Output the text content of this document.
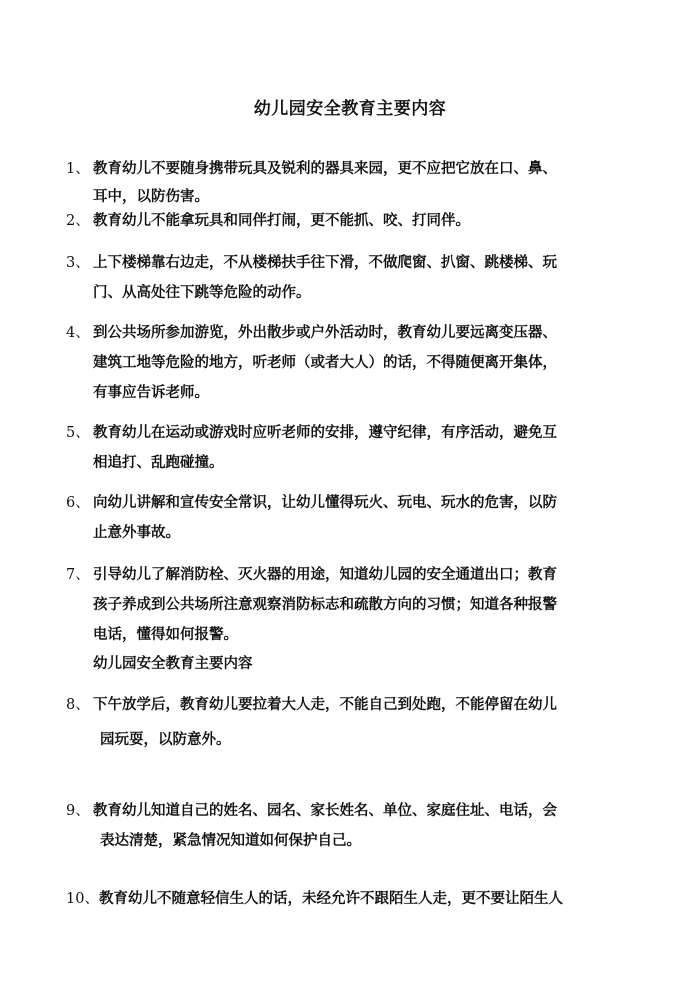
幼儿园安全教育主要内容
1、 教育幼儿不要随身携带玩具及锐利的器具来园，更不应把它放在口、鼻、
耳中，以防伤害。
2、 教育幼儿不能拿玩具和同伴打闹，更不能抓、咬、打同伴。
3、 上下楼梯靠右边走，不从楼梯扶手往下滑，不做爬窗、扒窗、跳楼梯、玩
门、从高处往下跳等危险的动作。
4、 到公共场所参加游览，外出散步或户外活动时，教育幼儿要远离变压器、
建筑工地等危险的地方，听老师（或者大人）的话，不得随便离开集体，
有事应告诉老师。
5、 教育幼儿在运动或游戏时应听老师的安排，遵守纪律，有序活动，避免互
相追打、乱跑碰撞。
6、 向幼儿讲解和宣传安全常识，让幼儿懂得玩火、玩电、玩水的危害，以防
止意外事故。
7、 引导幼儿了解消防栓、灭火器的用途，知道幼儿园的安全通道出口；教育
孩子养成到公共场所注意观察消防标志和疏散方向的习惯；知道各种报警
电话，懂得如何报警。
幼儿园安全教育主要内容
8、 下午放学后，教育幼儿要拉着大人走，不能自己到处跑，不能停留在幼儿
园玩耍，以防意外。
9、 教育幼儿知道自己的姓名、园名、家长姓名、单位、家庭住址、电话，会
表达清楚，紧急情况知道如何保护自己。
10、教育幼儿不随意轻信生人的话，未经允许不跟陌生人走，更不要让陌生人
